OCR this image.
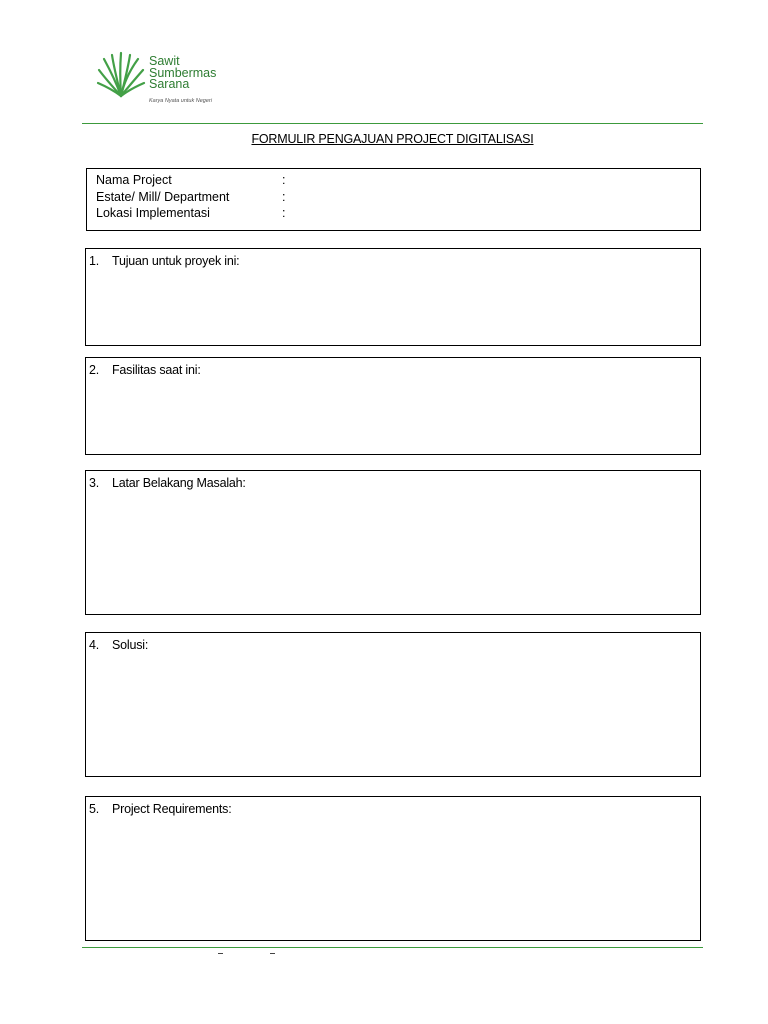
Sawit
Sumbermas
Sarana
Karya Nyata untuk Negeri
FORMULIR PENGAJUAN PROJECT DIGITALISASI
Nama Project	:
Estate/ Mill/ Department	:
Lokasi Implementasi	:
1. Tujuan untuk proyek ini:
2. Fasilitas saat ini:
3. Latar Belakang Masalah:
4. Solusi:
5. Project Requirements:
